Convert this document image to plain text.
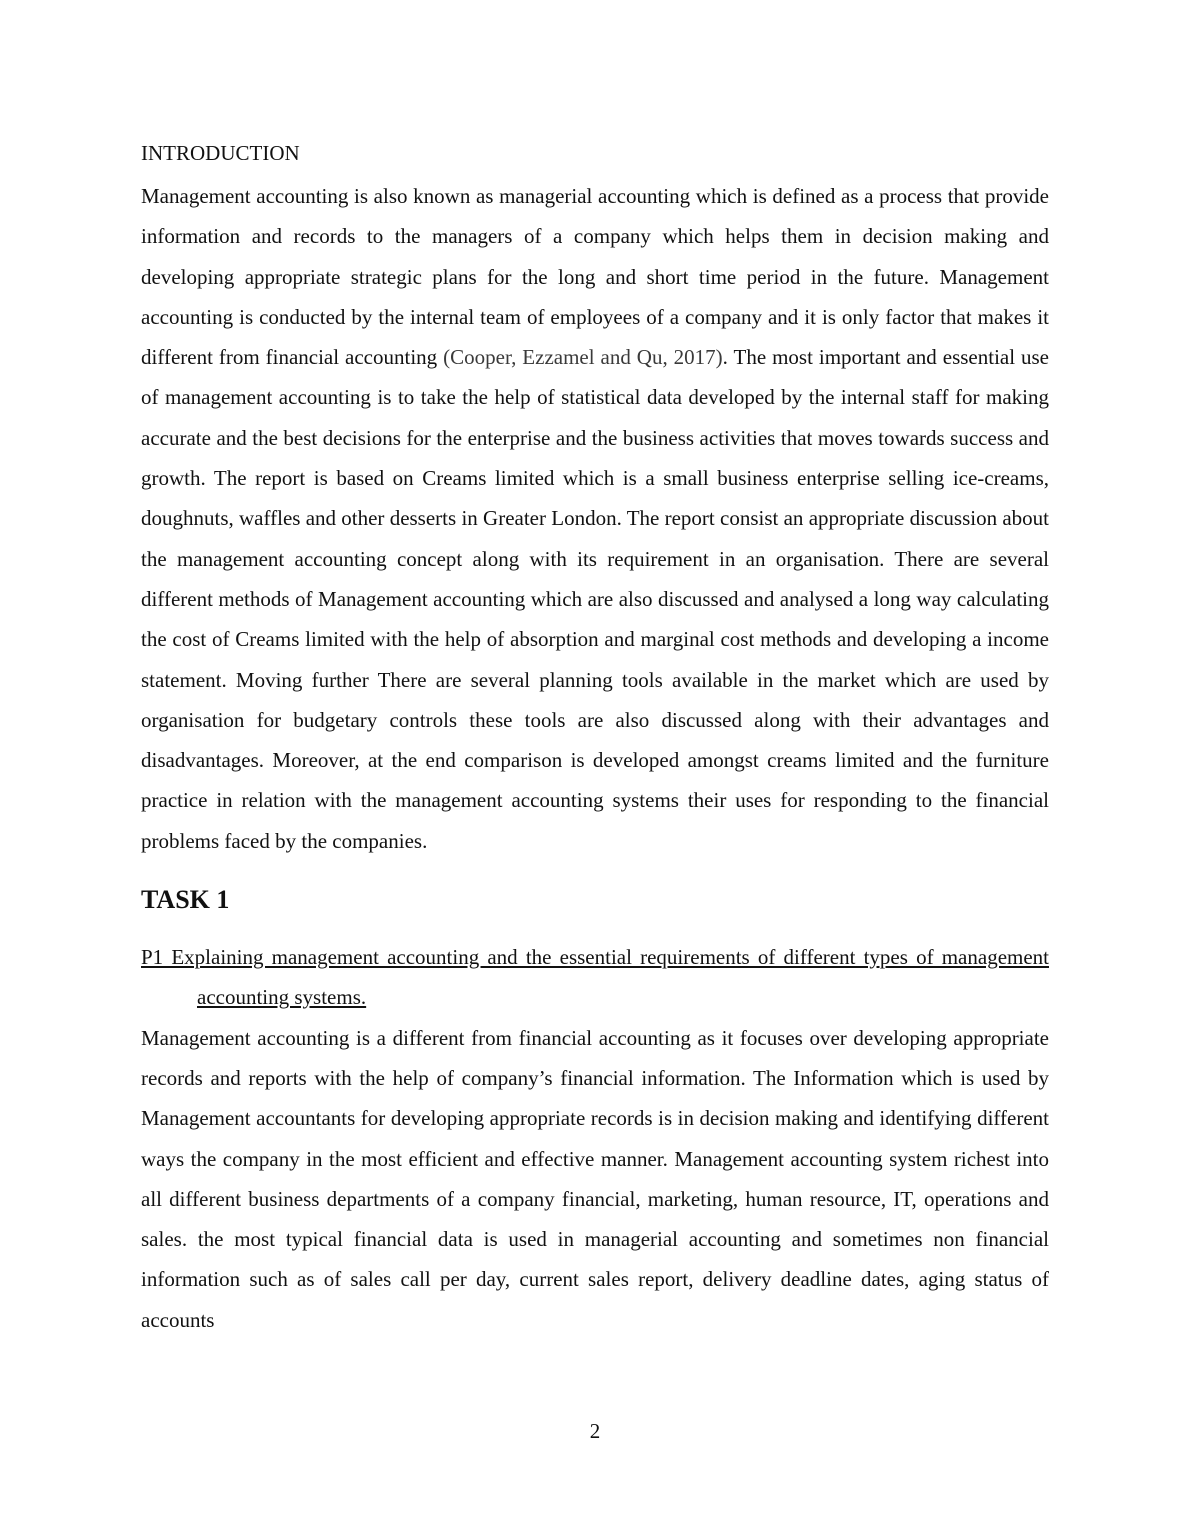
INTRODUCTION

Management accounting is also known as managerial accounting which is defined as a process that provide information and records to the managers of a company which helps them in decision making and developing appropriate strategic plans for the long and short time period in the future. Management accounting is conducted by the internal team of employees of a company and it is only factor that makes it different from financial accounting (Cooper, Ezzamel and Qu, 2017). The most important and essential use of management accounting is to take the help of statistical data developed by the internal staff for making accurate and the best decisions for the enterprise and the business activities that moves towards success and growth. The report is based on Creams limited which is a small business enterprise selling ice-creams, doughnuts, waffles and other desserts in Greater London. The report consist an appropriate discussion about the management accounting concept along with its requirement in an organisation. There are several different methods of Management accounting which are also discussed and analysed a long way calculating the cost of Creams limited with the help of absorption and marginal cost methods and developing a income statement. Moving further There are several planning tools available in the market which are used by organisation for budgetary controls these tools are also discussed along with their advantages and disadvantages. Moreover, at the end comparison is developed amongst creams limited and the furniture practice in relation with the management accounting systems their uses for responding to the financial problems faced by the companies.

TASK 1

P1 Explaining management accounting and the essential requirements of different types of management accounting systems.

Management accounting is a different from financial accounting as it focuses over developing appropriate records and reports with the help of company’s financial information. The Information which is used by Management accountants for developing appropriate records is in decision making and identifying different ways the company in the most efficient and effective manner. Management accounting system richest into all different business departments of a company financial, marketing, human resource, IT, operations and sales. the most typical financial data is used in managerial accounting and sometimes non financial information such as of sales call per day, current sales report, delivery deadline dates, aging status of accounts

2
